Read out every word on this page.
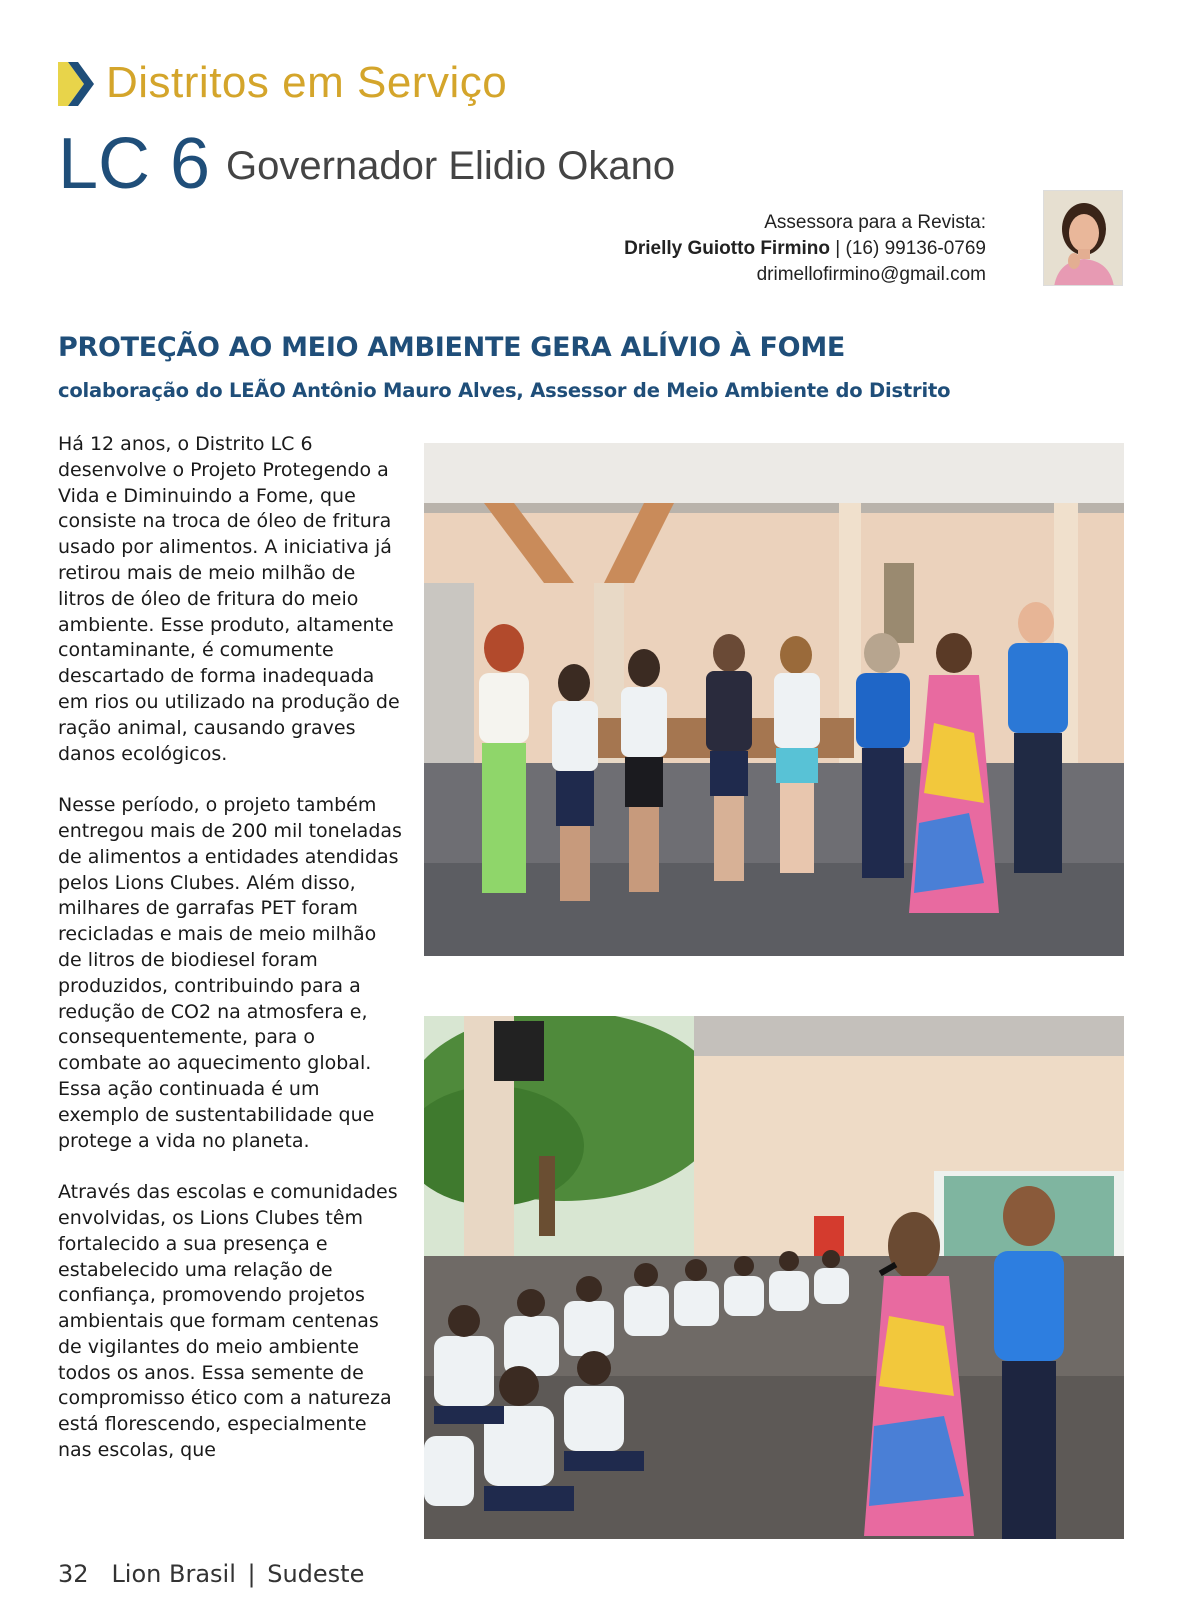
Distritos em Serviço
LC 6 Governador Elidio Okano
Assessora para a Revista:
Drielly Guiotto Firmino | (16) 99136-0769
drimellofirmino@gmail.com
PROTEÇÃO AO MEIO AMBIENTE GERA ALÍVIO À FOME
colaboração do LEÃO Antônio Mauro Alves, Assessor de Meio Ambiente do Distrito

Há 12 anos, o Distrito LC 6 desenvolve o Projeto Protegendo a Vida e Diminuindo a Fome, que consiste na troca de óleo de fritura usado por alimentos. A iniciativa já retirou mais de meio milhão de litros de óleo de fritura do meio ambiente. Esse produto, altamente contaminante, é comumente descartado de forma inadequada em rios ou utilizado na produção de ração animal, causando graves danos ecológicos.

Nesse período, o projeto também entregou mais de 200 mil toneladas de alimentos a entidades atendidas pelos Lions Clubes. Além disso, milhares de garrafas PET foram recicladas e mais de meio milhão de litros de biodiesel foram produzidos, contribuindo para a redução de CO2 na atmosfera e, consequentemente, para o combate ao aquecimento global. Essa ação continuada é um exemplo de sustentabilidade que protege a vida no planeta.

Através das escolas e comunidades envolvidas, os Lions Clubes têm fortalecido a sua presença e estabelecido uma relação de confiança, promovendo projetos ambientais que formam centenas de vigilantes do meio ambiente todos os anos. Essa semente de compromisso ético com a natureza está florescendo, especialmente nas escolas, que

32 Lion Brasil | Sudeste
